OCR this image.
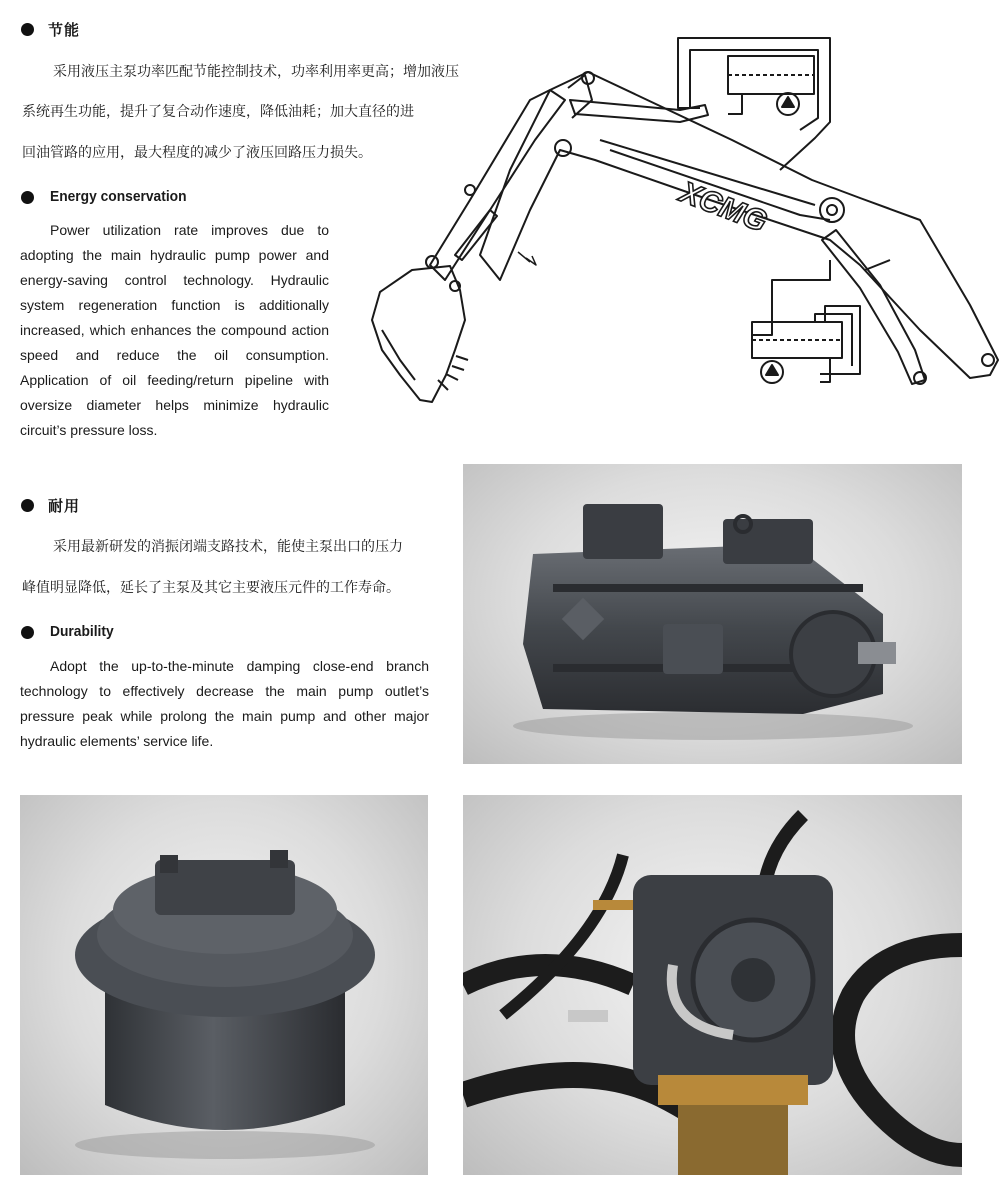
节能
采用液压主泵功率匹配节能控制技术，功率利用率更高；增加液压
系统再生功能，提升了复合动作速度，降低油耗；加大直径的进
回油管路的应用，最大程度的减少了液压回路压力损失。
Energy conservation
Power utilization rate improves due to adopting the main hydraulic pump power and energy-saving control technology. Hydraulic system regeneration function is additionally increased, which enhances the compound action speed and reduce the oil consumption. Application of oil feeding/return pipeline with oversize diameter helps minimize hydraulic circuit’s pressure loss.
XCMG
耐用
采用最新研发的消振闭端支路技术，能使主泵出口的压力
峰值明显降低，延长了主泵及其它主要液压元件的工作寿命。
Durability
Adopt the up-to-the-minute damping close-end branch technology to effectively decrease the main pump outlet’s pressure peak while prolong the main pump and other major hydraulic elements’ service life.
